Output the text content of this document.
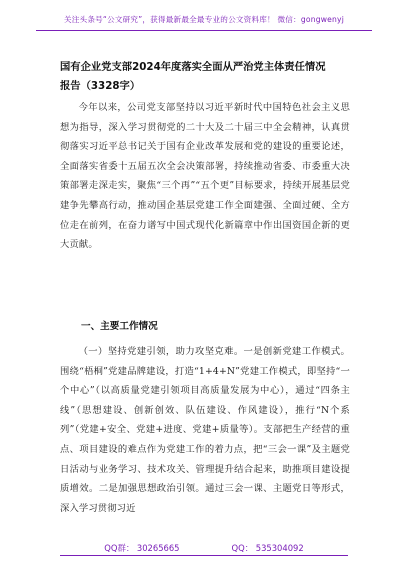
关注头条号“公文研究”，获得最新最全最专业的公文资料库！ 微信：gongwenyj
国有企业党支部2024年度落实全面从严治党主体责任情况
报告（3328字）
今年以来，公司党支部坚持以习近平新时代中国特色社会主义思想为指导，深入学习贯彻党的二十大及二十届三中全会精神，认真贯彻落实习近平总书记关于国有企业改革发展和党的建设的重要论述，全面落实省委十五届五次全会决策部署，持续推动省委、市委重大决策部署走深走实，聚焦“三个再”“五个更”目标要求，持续开展基层党建争先攀高行动，推动国企基层党建工作全面建强、全面过硬、全方位走在前列，在奋力谱写中国式现代化新篇章中作出国资国企新的更大贡献。
一、主要工作情况
（一）坚持党建引领，助力攻坚克难。一是创新党建工作模式。围绕“梧桐”党建品牌建设，打造“1+4+N”党建工作模式，即坚持“一个中心”（以高质量党建引领项目高质量发展为中心），通过“四条主线”（思想建设、创新创效、队伍建设、作风建设），推行“N个系列”（党建+安全、党建+进度、党建+质量等）。支部把生产经营的重点、项目建设的难点作为党建工作的着力点，把“三会一课”及主题党日活动与业务学习、技术攻关、管理提升结合起来，助推项目建设提质增效。二是加强思想政治引领。通过三会一课、主题党日等形式，深入学习贯彻习近
QQ群： 30265665	QQ： 535304092
